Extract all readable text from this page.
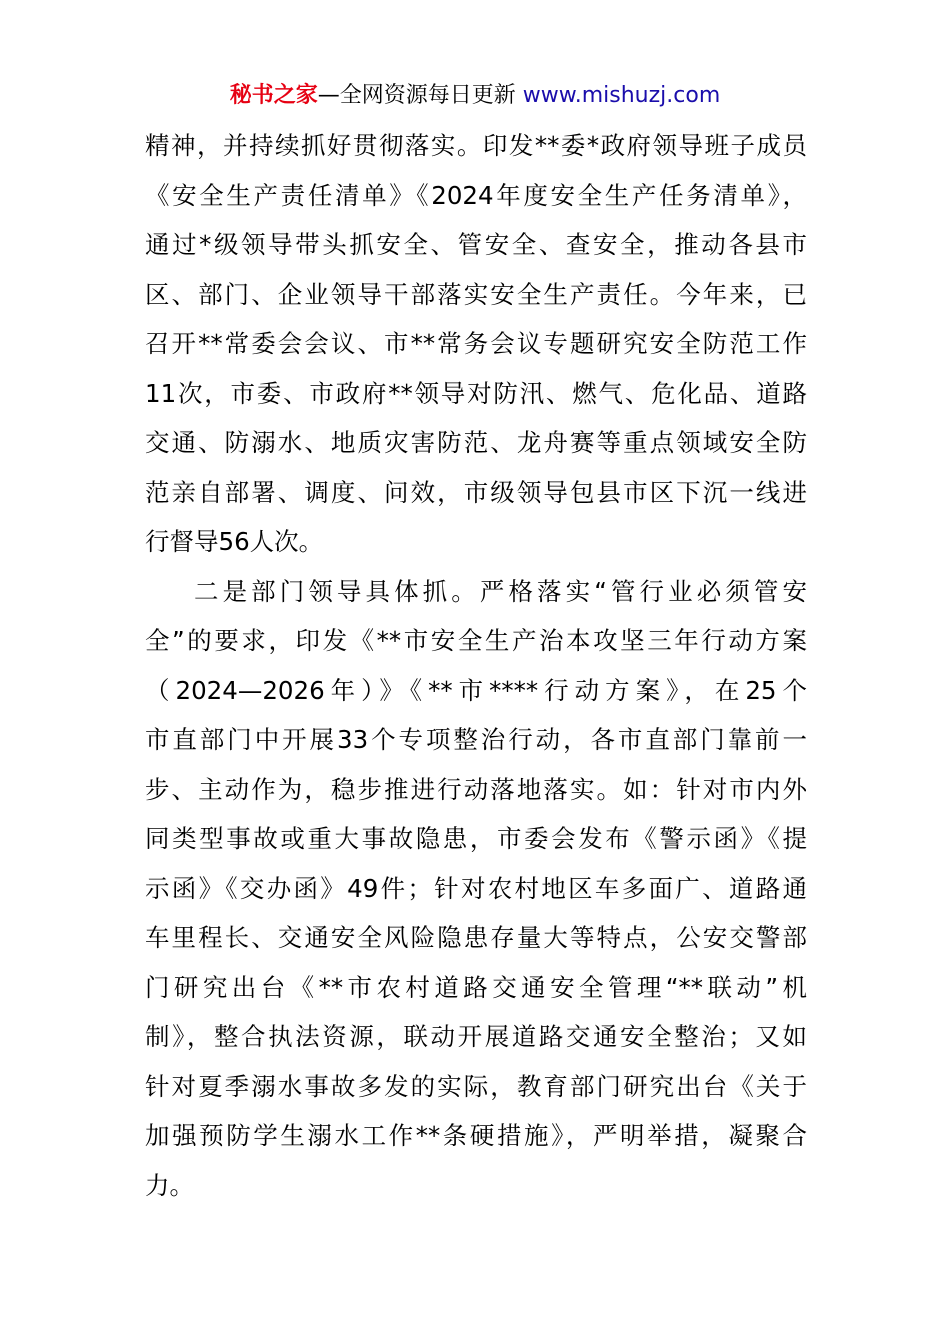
秘书之家—全网资源每日更新 www.mishuzj.com
精神，并持续抓好贯彻落实。印发**委*政府领导班子成员
《安全生产责任清单》《2024年度安全生产任务清单》，
通过*级领导带头抓安全、管安全、查安全，推动各县市
区、部门、企业领导干部落实安全生产责任。今年来，已
召开**常委会会议、市**常务会议专题研究安全防范工作
11次，市委、市政府**领导对防汛、燃气、危化品、道路
交通、防溺水、地质灾害防范、龙舟赛等重点领域安全防
范亲自部署、调度、问效，市级领导包县市区下沉一线进
行督导56人次。
二是部门领导具体抓。严格落实“管行业必须管安
全”的要求，印发《**市安全生产治本攻坚三年行动方案
（2024—2026年）》《**市****行动方案》，在25个
市直部门中开展33个专项整治行动，各市直部门靠前一
步、主动作为，稳步推进行动落地落实。如：针对市内外
同类型事故或重大事故隐患，市委会发布《警示函》《提
示函》《交办函》49件；针对农村地区车多面广、道路通
车里程长、交通安全风险隐患存量大等特点，公安交警部
门研究出台《**市农村道路交通安全管理“**联动”机
制》，整合执法资源，联动开展道路交通安全整治；又如
针对夏季溺水事故多发的实际，教育部门研究出台《关于
加强预防学生溺水工作**条硬措施》，严明举措，凝聚合
力。
